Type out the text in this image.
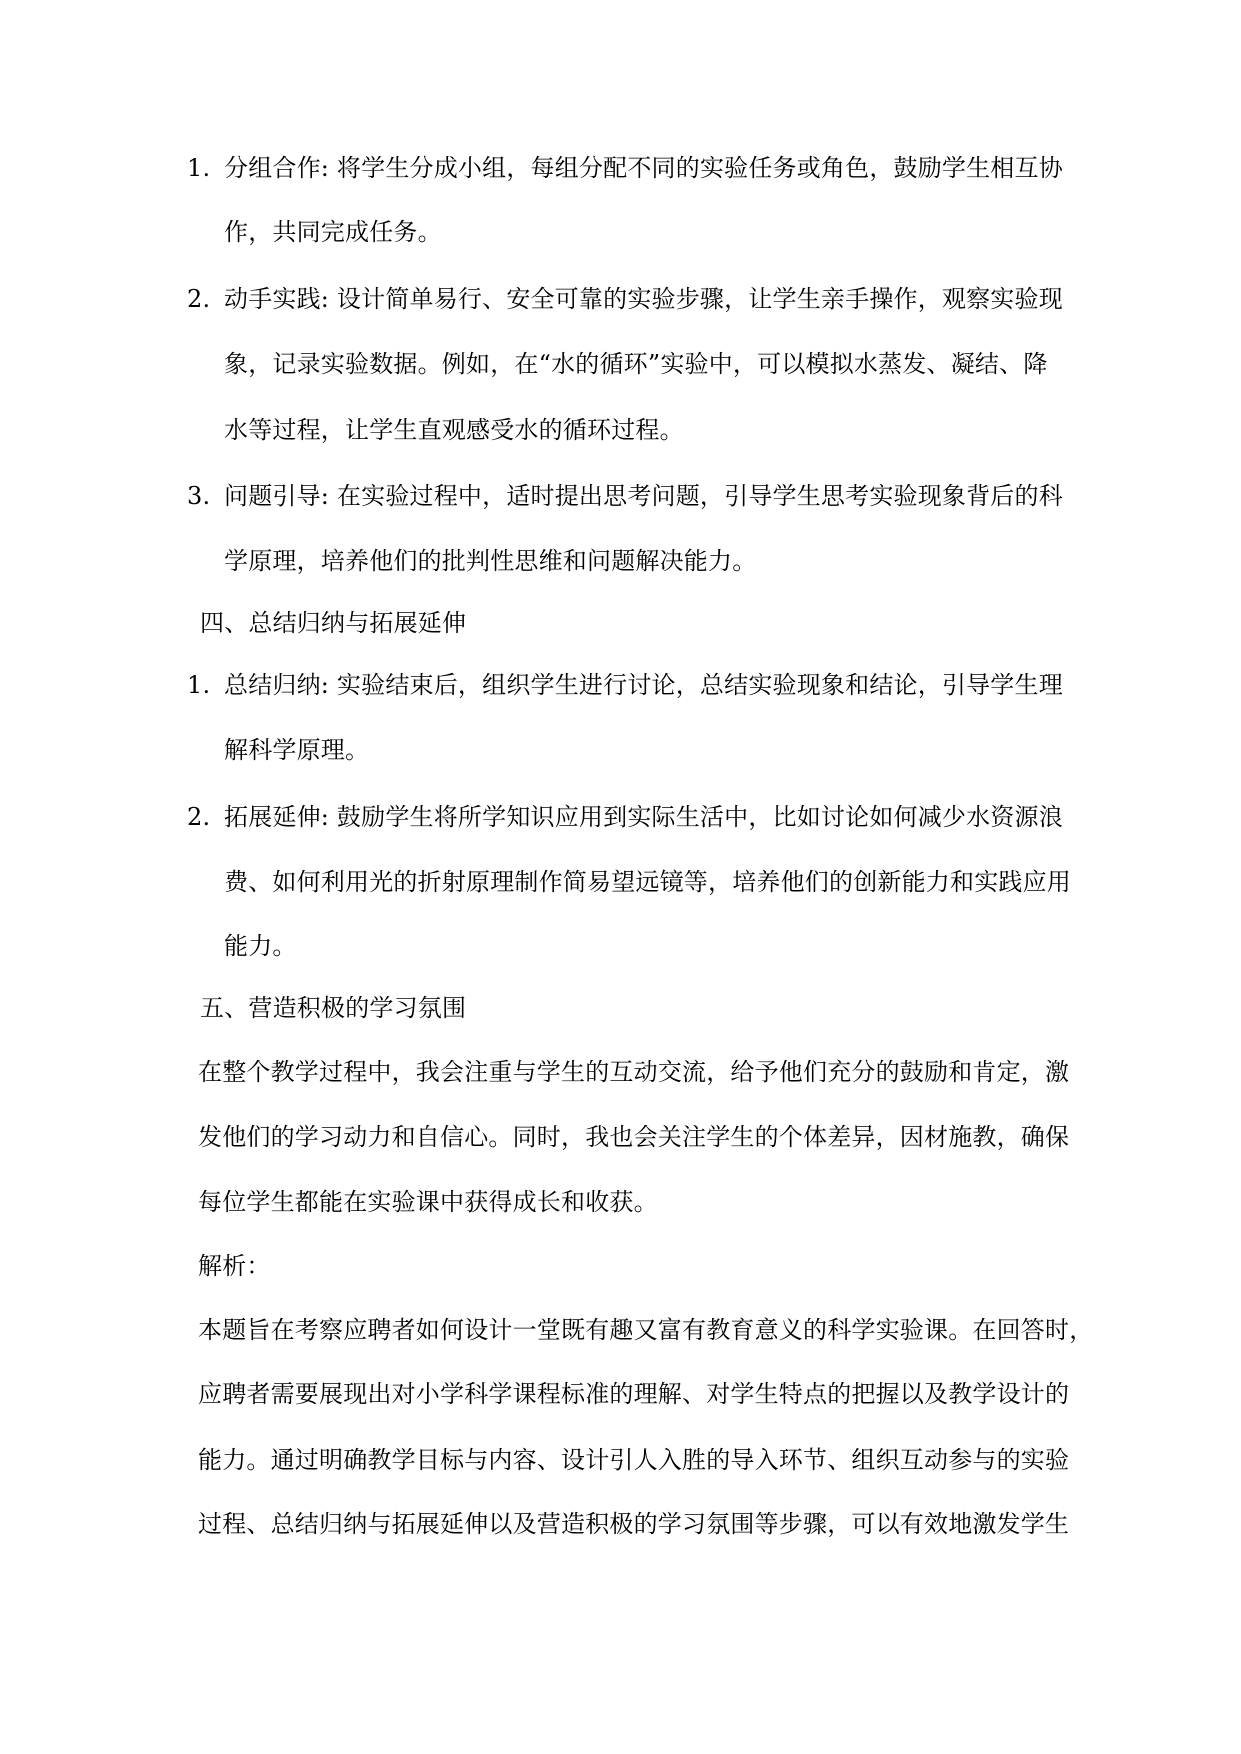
1. 分组合作: 将学生分成小组，每组分配不同的实验任务或角色，鼓励学生相互协
作，共同完成任务。
2. 动手实践: 设计简单易行、安全可靠的实验步骤，让学生亲手操作，观察实验现
象，记录实验数据。例如，在“水的循环”实验中，可以模拟水蒸发、凝结、降
水等过程，让学生直观感受水的循环过程。
3. 问题引导: 在实验过程中，适时提出思考问题，引导学生思考实验现象背后的科
学原理，培养他们的批判性思维和问题解决能力。
四、总结归纳与拓展延伸
1. 总结归纳: 实验结束后，组织学生进行讨论，总结实验现象和结论，引导学生理
解科学原理。
2. 拓展延伸: 鼓励学生将所学知识应用到实际生活中，比如讨论如何减少水资源浪
费、如何利用光的折射原理制作简易望远镜等，培养他们的创新能力和实践应用
能力。
五、营造积极的学习氛围
在整个教学过程中，我会注重与学生的互动交流，给予他们充分的鼓励和肯定，激
发他们的学习动力和自信心。同时，我也会关注学生的个体差异，因材施教，确保
每位学生都能在实验课中获得成长和收获。
解析：
本题旨在考察应聘者如何设计一堂既有趣又富有教育意义的科学实验课。在回答时，
应聘者需要展现出对小学科学课程标准的理解、对学生特点的把握以及教学设计的
能力。通过明确教学目标与内容、设计引人入胜的导入环节、组织互动参与的实验
过程、总结归纳与拓展延伸以及营造积极的学习氛围等步骤，可以有效地激发学生
